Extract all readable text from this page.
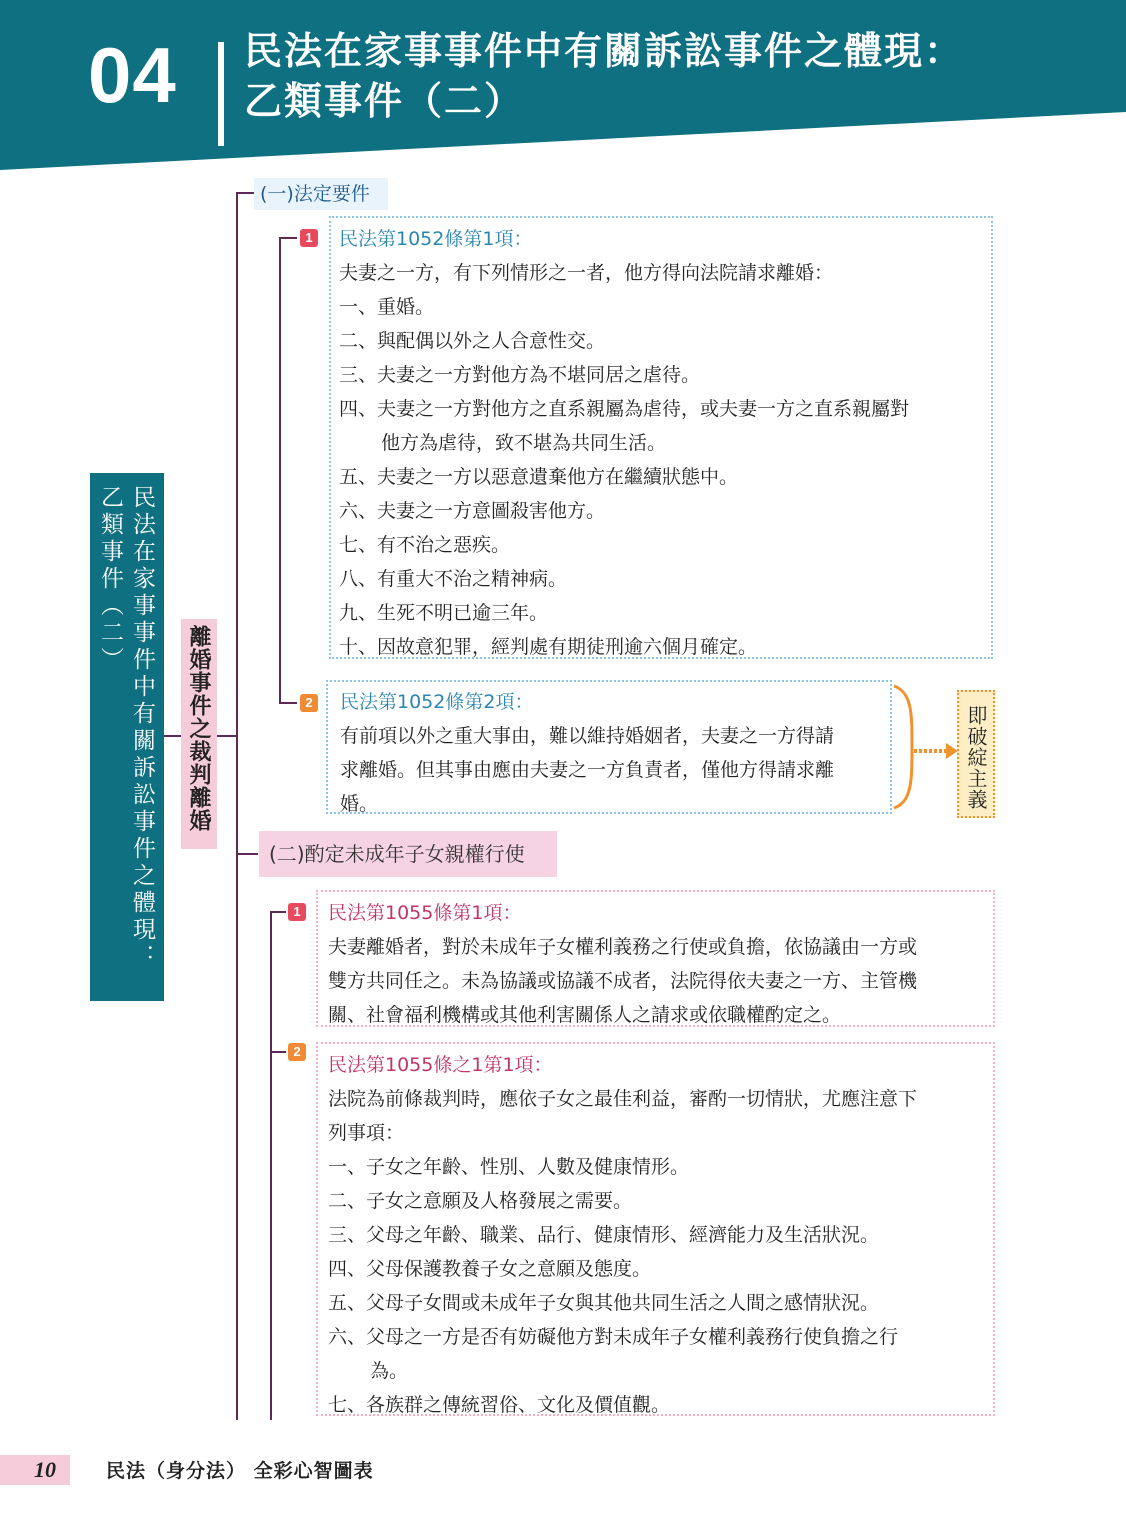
04 民法在家事事件中有關訴訟事件之體現：
乙類事件（二）
民法在家事事件中有關訴訟事件之體現：
乙類事件（二）
離婚事件之裁判離婚
(一)法定要件
1 民法第1052條第1項：
夫妻之一方，有下列情形之一者，他方得向法院請求離婚：
一、重婚。
二、與配偶以外之人合意性交。
三、夫妻之一方對他方為不堪同居之虐待。
四、夫妻之一方對他方之直系親屬為虐待，或夫妻一方之直系親屬對
他方為虐待，致不堪為共同生活。
五、夫妻之一方以惡意遺棄他方在繼續狀態中。
六、夫妻之一方意圖殺害他方。
七、有不治之惡疾。
八、有重大不治之精神病。
九、生死不明已逾三年。
十、因故意犯罪，經判處有期徒刑逾六個月確定。
2 民法第1052條第2項：
有前項以外之重大事由，難以維持婚姻者，夫妻之一方得請
求離婚。但其事由應由夫妻之一方負責者，僅他方得請求離
婚。	即破綻主義
(二)酌定未成年子女親權行使
1 民法第1055條第1項：
夫妻離婚者，對於未成年子女權利義務之行使或負擔，依協議由一方或
雙方共同任之。未為協議或協議不成者，法院得依夫妻之一方、主管機
關、社會福利機構或其他利害關係人之請求或依職權酌定之。
2
民法第1055條之1第1項：
法院為前條裁判時，應依子女之最佳利益，審酌一切情狀，尤應注意下
列事項：
一、子女之年齡、性別、人數及健康情形。
二、子女之意願及人格發展之需要。
三、父母之年齡、職業、品行、健康情形、經濟能力及生活狀況。
四、父母保護教養子女之意願及態度。
五、父母子女間或未成年子女與其他共同生活之人間之感情狀況。
六、父母之一方是否有妨礙他方對未成年子女權利義務行使負擔之行
為。
七、各族群之傳統習俗、文化及價值觀。
10	民法（身分法） 全彩心智圖表
